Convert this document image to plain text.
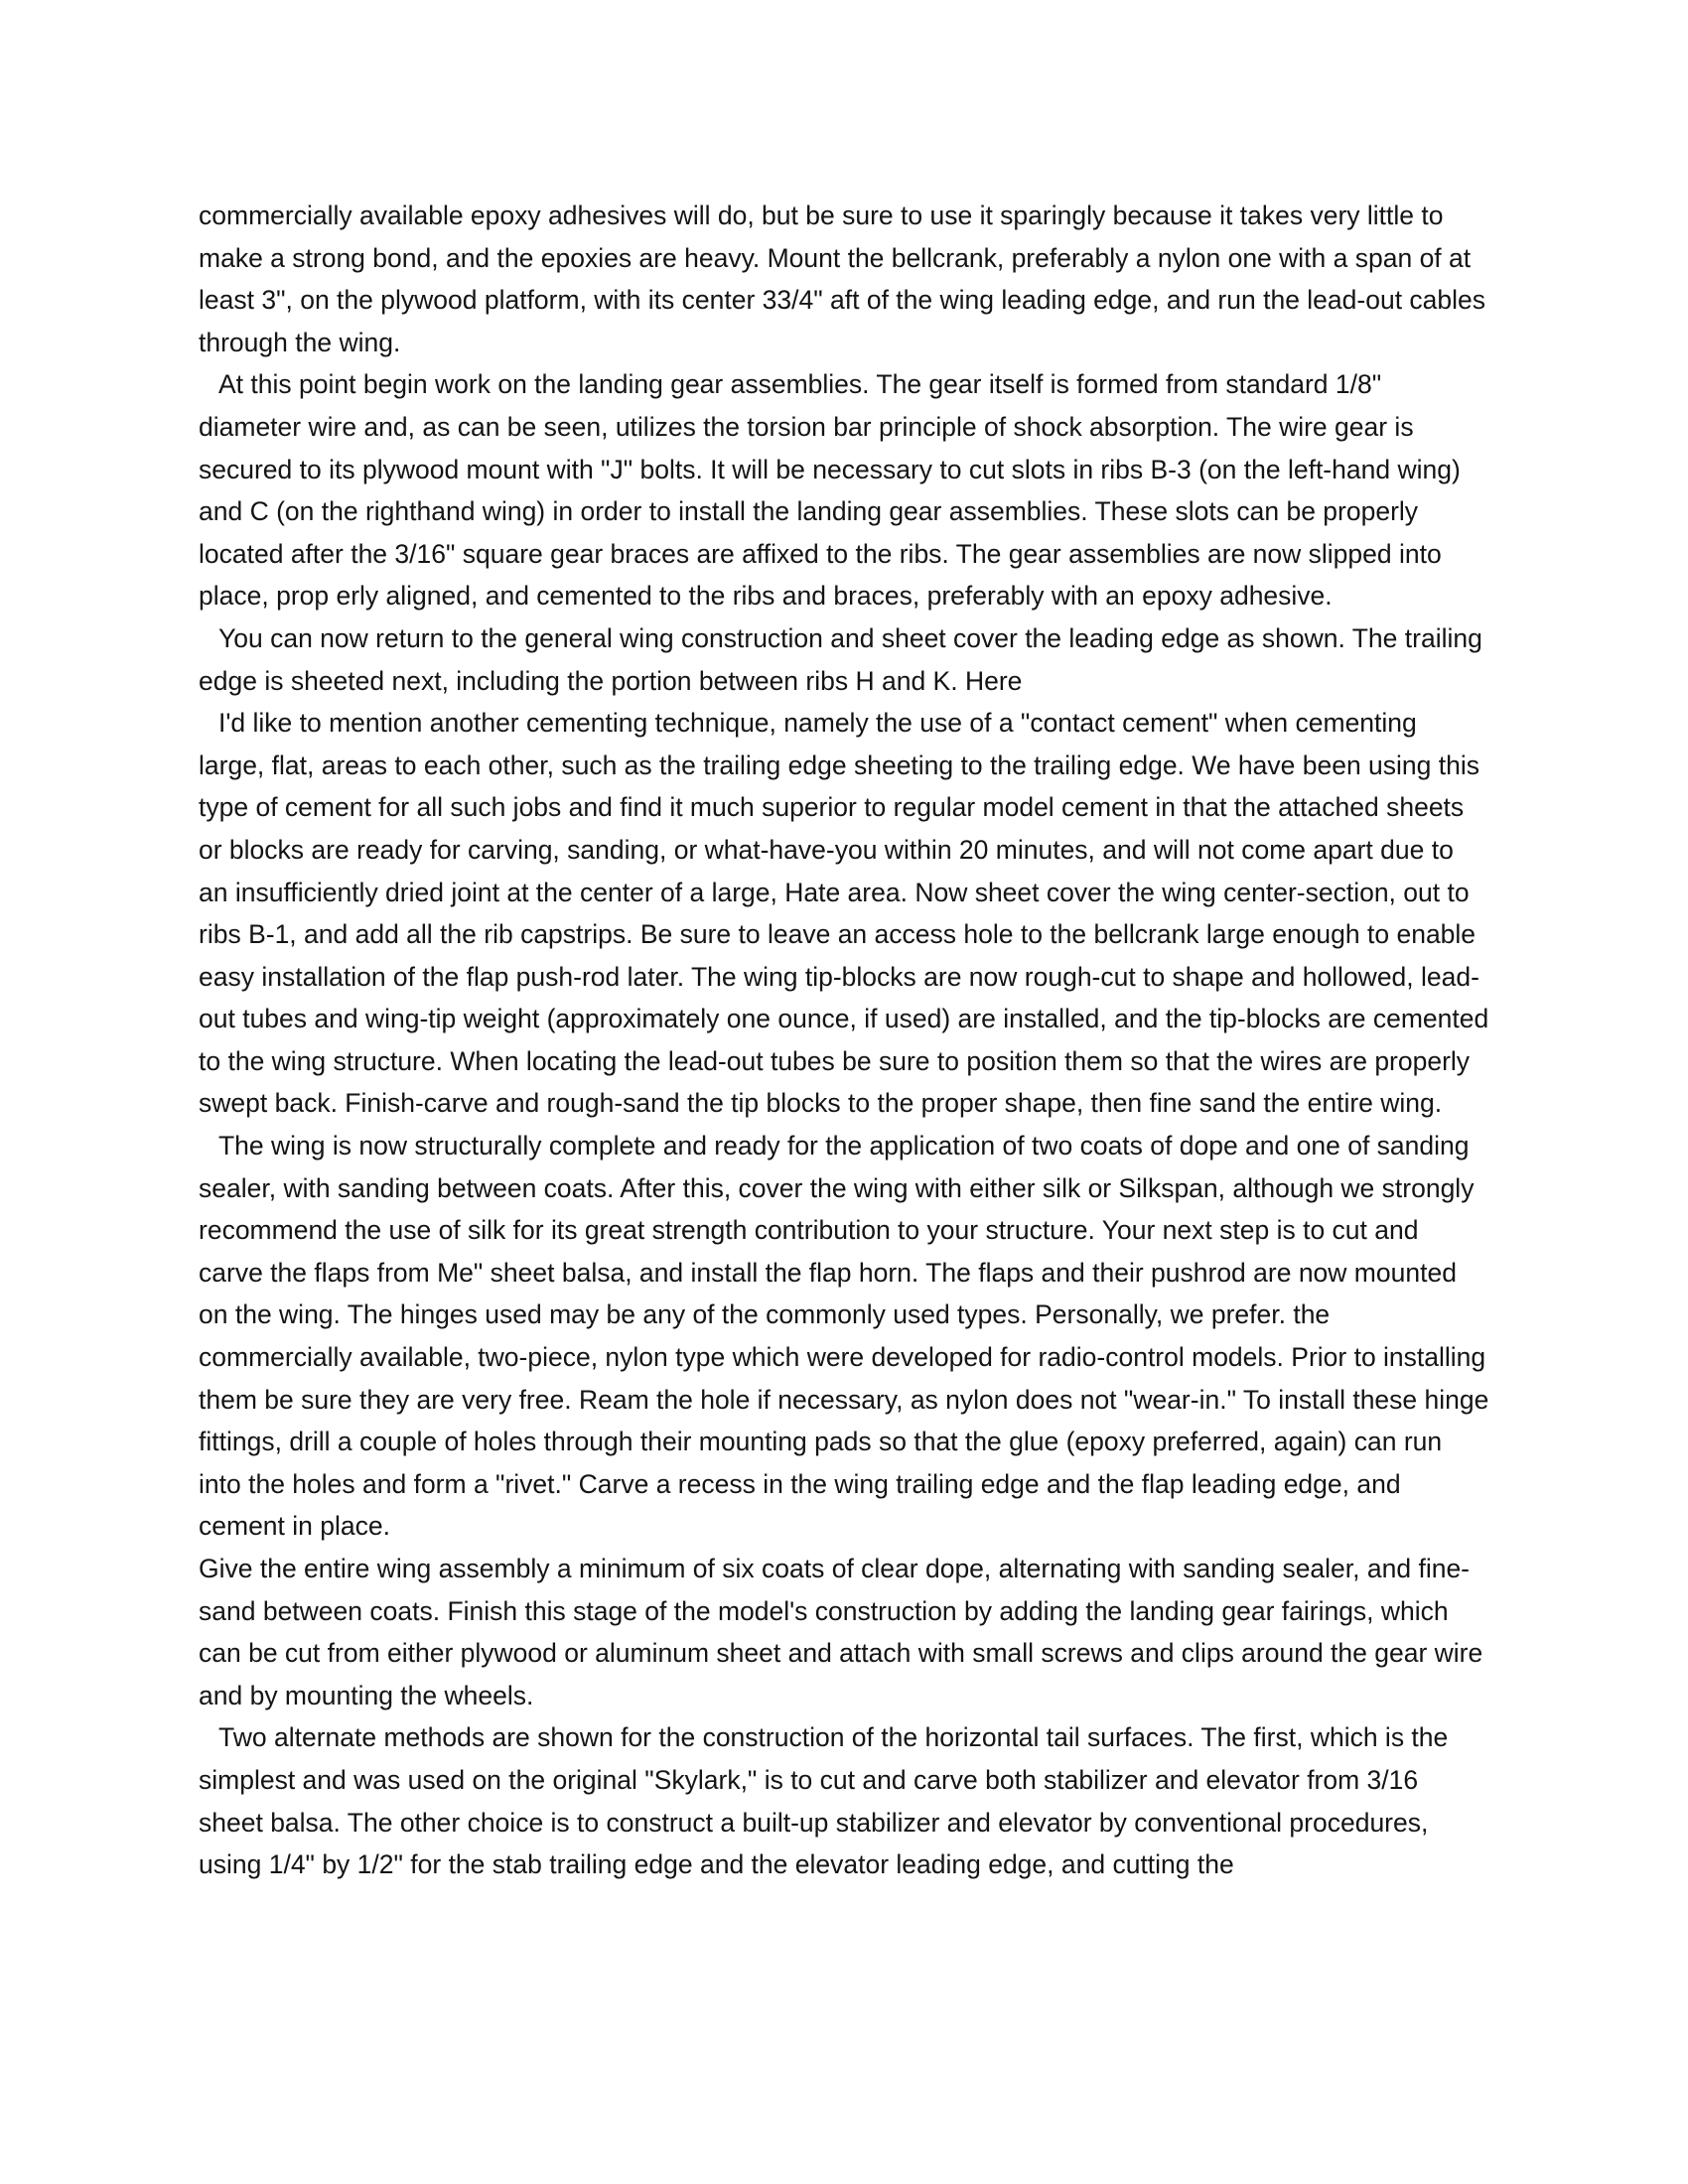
commercially available epoxy adhesives will do, but be sure to use it sparingly because it takes very little to make a strong bond, and the epoxies are heavy. Mount the bellcrank, preferably a nylon one with a span of at least 3", on the plywood platform, with its center 33/4" aft of the wing leading edge, and run the lead-out cables through the wing.

At this point begin work on the landing gear assemblies. The gear itself is formed from standard 1/8" diameter wire and, as can be seen, utilizes the torsion bar principle of shock absorption. The wire gear is secured to its plywood mount with "J" bolts. It will be necessary to cut slots in ribs B-3 (on the left-hand wing) and C (on the righthand wing) in order to install the landing gear assemblies. These slots can be properly located after the 3/16" square gear braces are affixed to the ribs. The gear assemblies are now slipped into place, prop erly aligned, and cemented to the ribs and braces, preferably with an epoxy adhesive.

You can now return to the general wing construction and sheet cover the leading edge as shown. The trailing edge is sheeted next, including the portion between ribs H and K. Here

I'd like to mention another cementing technique, namely the use of a "contact cement" when cementing large, flat, areas to each other, such as the trailing edge sheeting to the trailing edge. We have been using this type of cement for all such jobs and find it much superior to regular model cement in that the attached sheets or blocks are ready for carving, sanding, or what-have-you within 20 minutes, and will not come apart due to an insufficiently dried joint at the center of a large, Hate area. Now sheet cover the wing center-section, out to ribs B-1, and add all the rib capstrips. Be sure to leave an access hole to the bellcrank large enough to enable easy installation of the flap push-rod later. The wing tip-blocks are now rough-cut to shape and hollowed, lead-out tubes and wing-tip weight (approximately one ounce, if used) are installed, and the tip-blocks are cemented to the wing structure. When locating the lead-out tubes be sure to position them so that the wires are properly swept back. Finish-carve and rough-sand the tip blocks to the proper shape, then fine sand the entire wing.

The wing is now structurally complete and ready for the application of two coats of dope and one of sanding sealer, with sanding between coats. After this, cover the wing with either silk or Silkspan, although we strongly recommend the use of silk for its great strength contribution to your structure. Your next step is to cut and carve the flaps from Me" sheet balsa, and install the flap horn. The flaps and their pushrod are now mounted on the wing. The hinges used may be any of the commonly used types. Personally, we prefer. the commercially available, two-piece, nylon type which were developed for radio-control models. Prior to installing them be sure they are very free. Ream the hole if necessary, as nylon does not "wear-in." To install these hinge fittings, drill a couple of holes through their mounting pads so that the glue (epoxy preferred, again) can run into the holes and form a "rivet." Carve a recess in the wing trailing edge and the flap leading edge, and cement in place.

Give the entire wing assembly a minimum of six coats of clear dope, alternating with sanding sealer, and fine-sand between coats. Finish this stage of the model's construction by adding the landing gear fairings, which can be cut from either plywood or aluminum sheet and attach with small screws and clips around the gear wire and by mounting the wheels.

Two alternate methods are shown for the construction of the horizontal tail surfaces. The first, which is the simplest and was used on the original "Skylark," is to cut and carve both stabilizer and elevator from 3/16 sheet balsa. The other choice is to construct a built-up stabilizer and elevator by conventional procedures, using 1/4" by 1/2" for the stab trailing edge and the elevator leading edge, and cutting the
